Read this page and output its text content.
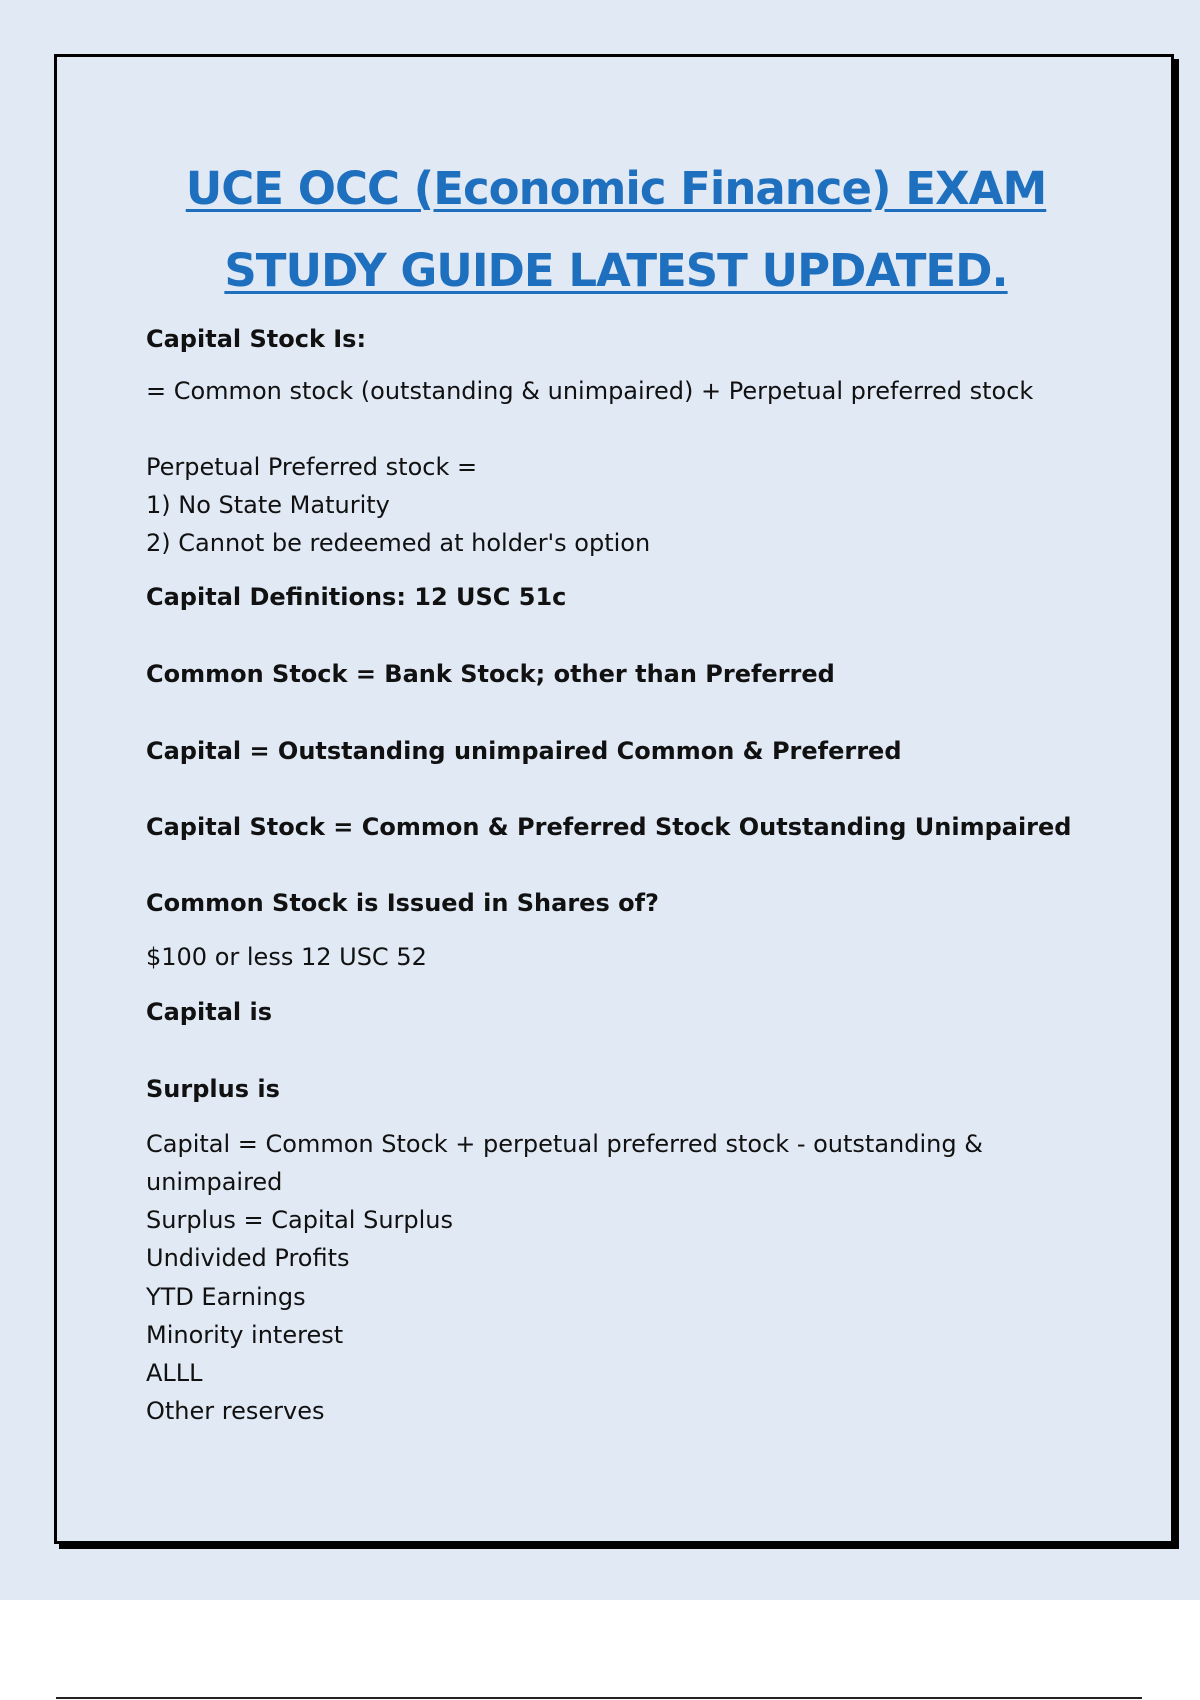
UCE OCC (Economic Finance) EXAM
STUDY GUIDE LATEST UPDATED.
Capital Stock Is:
= Common stock (outstanding & unimpaired) + Perpetual preferred stock
Perpetual Preferred stock =
1) No State Maturity
2) Cannot be redeemed at holder's option
Capital Definitions: 12 USC 51c
Common Stock = Bank Stock; other than Preferred
Capital = Outstanding unimpaired Common & Preferred
Capital Stock = Common & Preferred Stock Outstanding Unimpaired
Common Stock is Issued in Shares of?
$100 or less 12 USC 52
Capital is
Surplus is
Capital = Common Stock + perpetual preferred stock - outstanding &
unimpaired
Surplus = Capital Surplus
Undivided Profits
YTD Earnings
Minority interest
ALLL
Other reserves
